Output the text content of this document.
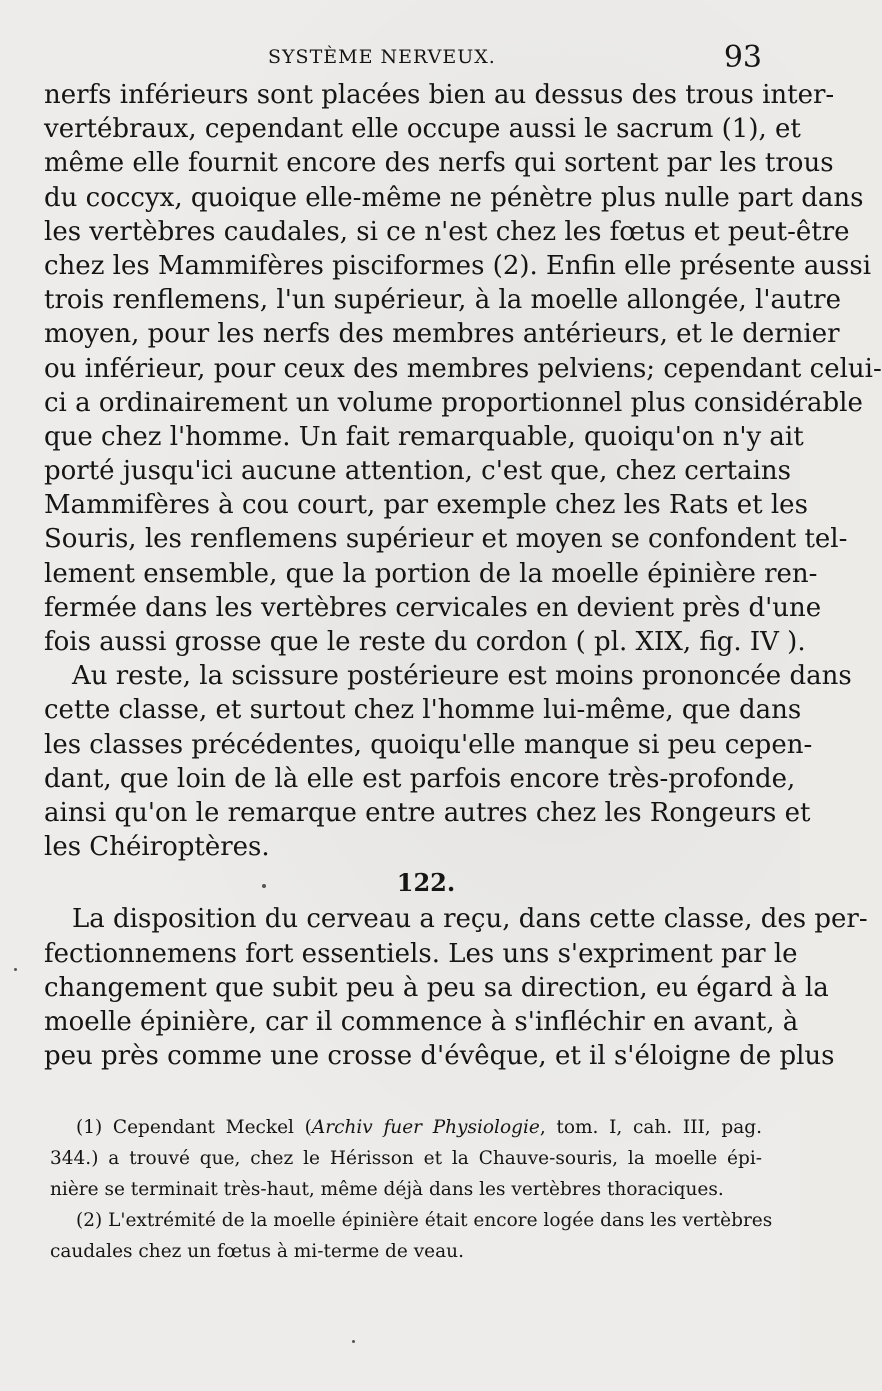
SYSTÈME NERVEUX.	93
nerfs inférieurs sont placées bien au dessus des trous inter-
vertébraux, cependant elle occupe aussi le sacrum (1), et
même elle fournit encore des nerfs qui sortent par les trous
du coccyx, quoique elle-même ne pénètre plus nulle part dans
les vertèbres caudales, si ce n'est chez les fœtus et peut-être
chez les Mammifères pisciformes (2). Enfin elle présente aussi
trois renflemens, l'un supérieur, à la moelle allongée, l'autre
moyen, pour les nerfs des membres antérieurs, et le dernier
ou inférieur, pour ceux des membres pelviens; cependant celui-
ci a ordinairement un volume proportionnel plus considérable
que chez l'homme. Un fait remarquable, quoiqu'on n'y ait
porté jusqu'ici aucune attention, c'est que, chez certains
Mammifères à cou court, par exemple chez les Rats et les
Souris, les renflemens supérieur et moyen se confondent tel-
lement ensemble, que la portion de la moelle épinière ren-
fermée dans les vertèbres cervicales en devient près d'une
fois aussi grosse que le reste du cordon ( pl. XIX, fig. IV ).
Au reste, la scissure postérieure est moins prononcée dans
cette classe, et surtout chez l'homme lui-même, que dans
les classes précédentes, quoiqu'elle manque si peu cepen-
dant, que loin de là elle est parfois encore très-profonde,
ainsi qu'on le remarque entre autres chez les Rongeurs et
les Chéiroptères.
122.
La disposition du cerveau a reçu, dans cette classe, des per-
fectionnemens fort essentiels. Les uns s'expriment par le
changement que subit peu à peu sa direction, eu égard à la
moelle épinière, car il commence à s'infléchir en avant, à
peu près comme une crosse d'évêque, et il s'éloigne de plus
(1) Cependant Meckel (Archiv fuer Physiologie, tom. I, cah. III, pag.
344.) a trouvé que, chez le Hérisson et la Chauve-souris, la moelle épi-
nière se terminait très-haut, même déjà dans les vertèbres thoraciques.
(2) L'extrémité de la moelle épinière était encore logée dans les vertèbres
caudales chez un fœtus à mi-terme de veau.
